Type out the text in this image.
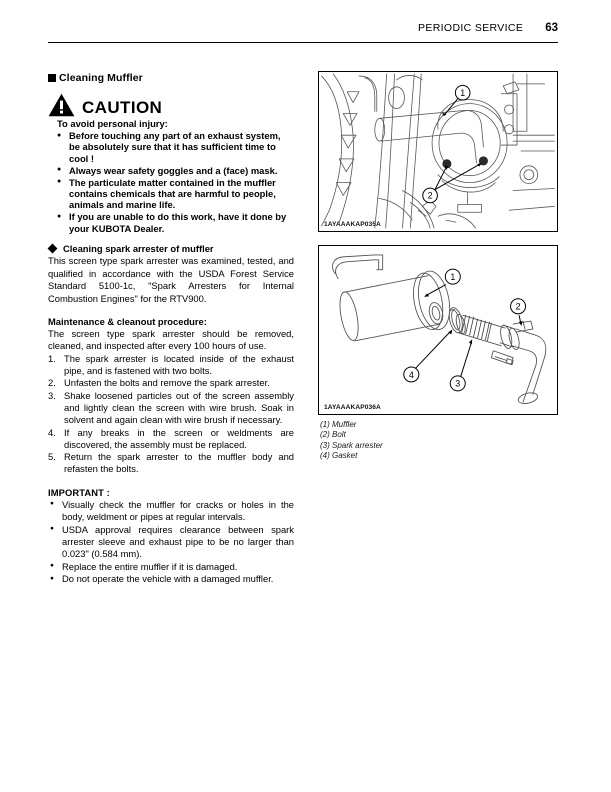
PERIODIC SERVICE 63
Cleaning Muffler
CAUTION
To avoid personal injury:
● Before touching any part of an exhaust system, be absolutely sure that it has sufficient time to cool !
● Always wear safety goggles and a (face) mask.
● The particulate matter contained in the muffler contains chemicals that are harmful to people, animals and marine life.
● If you are unable to do this work, have it done by your KUBOTA Dealer.
Cleaning spark arrester of muffler

This screen type spark arrester was examined, tested, and qualified in accordance with the USDA Forest Service Standard 5100-1c, "Spark Arresters for Internal Combustion Engines" for the RTV900.

Maintenance & cleanout procedure:

The screen type spark arrester should be removed, cleaned, and inspected after every 100 hours of use.

The spark arrester is located inside of the exhaust pipe, and is fastened with two bolts.
Unfasten the bolts and remove the spark arrester.
Shake loosened particles out of the screen assembly and lightly clean the screen with wire brush. Soak in solvent and again clean with wire brush if necessary.
If any breaks in the screen or weldments are discovered, the assembly must be replaced.
Return the spark arrester to the muffler body and refasten the bolts.
IMPORTANT :
● Visually check the muffler for cracks or holes in the body, weldment or pipes at regular intervals.
● USDA approval requires clearance between spark arrester sleeve and exhaust pipe to be no larger than 0.023" (0.584 mm).
● Replace the entire muffler if it is damaged.
● Do not operate the vehicle with a damaged muffler.
1
2
1AYAAAKAP035A
1
2
3
4
1AYAAAKAP036A
(1) Muffler
(2) Bolt
(3) Spark arrester
(4) Gasket
